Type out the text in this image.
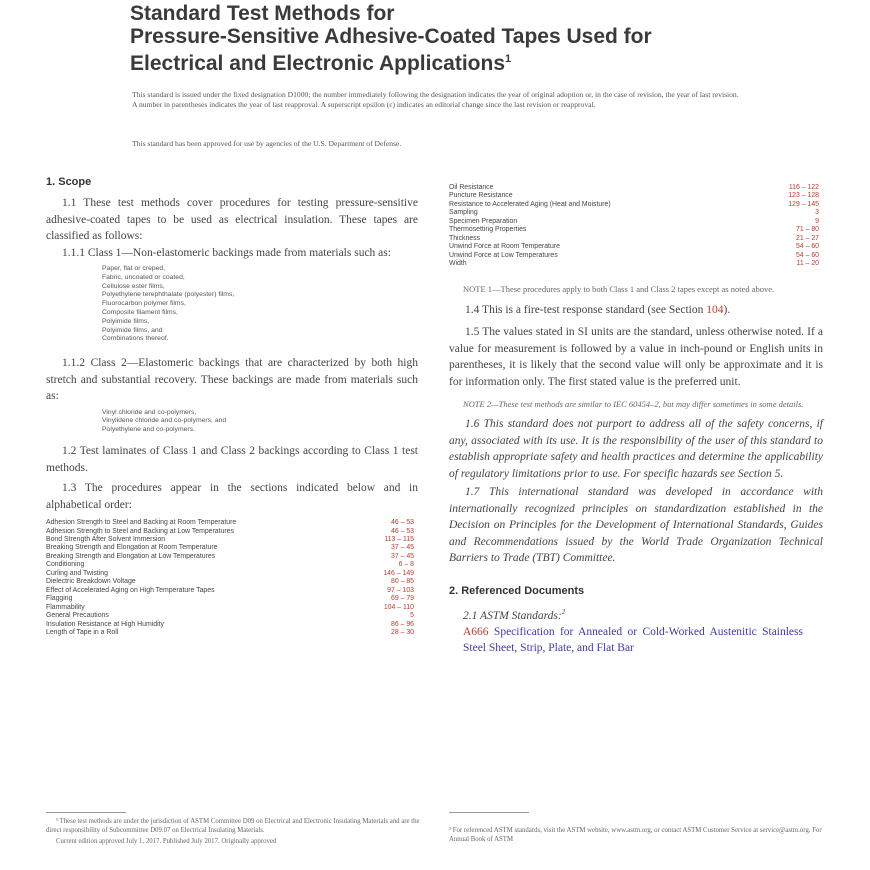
Standard Test Methods for
Pressure-Sensitive Adhesive-Coated Tapes Used for
Electrical and Electronic Applications$^1$
This standard is issued under the fixed designation D1000; the number immediately following the designation indicates the year of original adoption or, in the case of revision, the year of last revision. A number in parentheses indicates the year of last reapproval. A superscript epsilon (ε) indicates an editorial change since the last revision or reapproval.
This standard has been approved for use by agencies of the U.S. Department of Defense.
1. Scope

1.1 These test methods cover procedures for testing pressure-sensitive adhesive-coated tapes to be used as electrical insulation. These tapes are classified as follows:

1.1.1 Class 1—Non-elastomeric backings made from materials such as:

Paper, flat or creped,
Fabric, uncoated or coated,
Cellulose ester films,
Polyethylene terephthalate (polyester) films,
Fluorocarbon polymer films,
Composite filament films,
Polyimide films,
Polyimide films, and
Combinations thereof.

1.1.2 Class 2—Elastomeric backings that are characterized by both high stretch and substantial recovery. These backings are made from materials such as:

Vinyl chloride and co-polymers,
Vinylidene chloride and co-polymers, and
Polyethylene and co-polymers.

1.2 Test laminates of Class 1 and Class 2 backings according to Class 1 test methods.

1.3 The procedures appear in the sections indicated below and in alphabetical order:

Adhesion Strength to Steel and Backing at Room Temperature	46 – 53
Adhesion Strength to Steel and Backing at Low Temperatures	46 – 53
Bond Strength After Solvent Immersion	113 – 115
Breaking Strength and Elongation at Room Temperature	37 – 45
Breaking Strength and Elongation at Low Temperatures	37 – 45
Conditioning	6 – 8
Curling and Twisting	146 – 149
Dielectric Breakdown Voltage	80 – 85
Effect of Accelerated Aging on High Temperature Tapes	97 – 103
Flagging	69 – 79
Flammability	104 – 110
General Precautions	5
Insulation Resistance at High Humidity	86 – 96
Length of Tape in a Roll	28 – 30
Oil Resistance	116 – 122
Puncture Resistance	123 – 128
Resistance to Accelerated Aging (Heat and Moisture)	129 – 145
Sampling	3
Specimen Preparation	9
Thermosetting Properties	71 – 80
Thickness	21 – 27
Unwind Force at Room Temperature	54 – 60
Unwind Force at Low Temperatures	54 – 60
Width	11 – 20

NOTE 1—These procedures apply to both Class 1 and Class 2 tapes except as noted above.

1.4 This is a fire-test response standard (see Section 104).

1.5 The values stated in SI units are the standard, unless otherwise noted. If a value for measurement is followed by a value in inch-pound or English units in parentheses, it is likely that the second value will only be approximate and it is for information only. The first stated value is the preferred unit.

NOTE 2—These test methods are similar to IEC 60454–2, but may differ sometimes in some details.

1.6 This standard does not purport to address all of the safety concerns, if any, associated with its use. It is the responsibility of the user of this standard to establish appropriate safety and health practices and determine the applicability of regulatory limitations prior to use. For specific hazards see Section 5.

1.7 This international standard was developed in accordance with internationally recognized principles on standardization established in the Decision on Principles for the Development of International Standards, Guides and Recommendations issued by the World Trade Organization Technical Barriers to Trade (TBT) Committee.

2. Referenced Documents

2.1 ASTM Standards:$^2$

A666 Specification for Annealed or Cold-Worked Austenitic Stainless Steel Sheet, Strip, Plate, and Flat Bar

¹ These test methods are under the jurisdiction of ASTM Committee D09 on Electrical and Electronic Insulating Materials and are the direct responsibility of Subcommittee D09.07 on Electrical Insulating Materials.
Current edition approved July 1, 2017. Published July 2017. Originally approved
² For referenced ASTM standards, visit the ASTM website, www.astm.org, or contact ASTM Customer Service at service@astm.org. For Annual Book of ASTM
